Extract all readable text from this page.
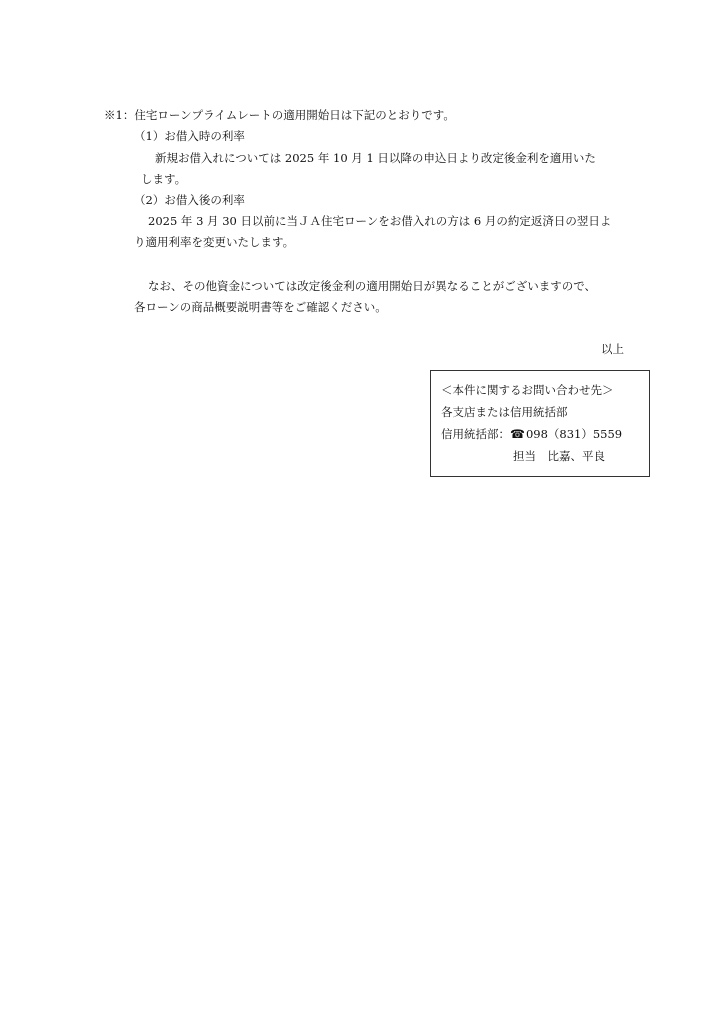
※1：住宅ローンプライムレートの適用開始日は下記のとおりです。
（1）お借入時の利率
新規お借入れについては 2025 年 10 月 1 日以降の申込日より改定後金利を適用いた
します。
（2）お借入後の利率
2025 年 3 月 30 日以前に当ＪＡ住宅ローンをお借入れの方は 6 月の約定返済日の翌日よ
り適用利率を変更いたします。
なお、その他資金については改定後金利の適用開始日が異なることがございますので、
各ローンの商品概要説明書等をご確認ください。
以上
＜本件に関するお問い合わせ先＞
各支店または信用統括部
信用統括部：☎098（831）5559
担当　比嘉、平良
